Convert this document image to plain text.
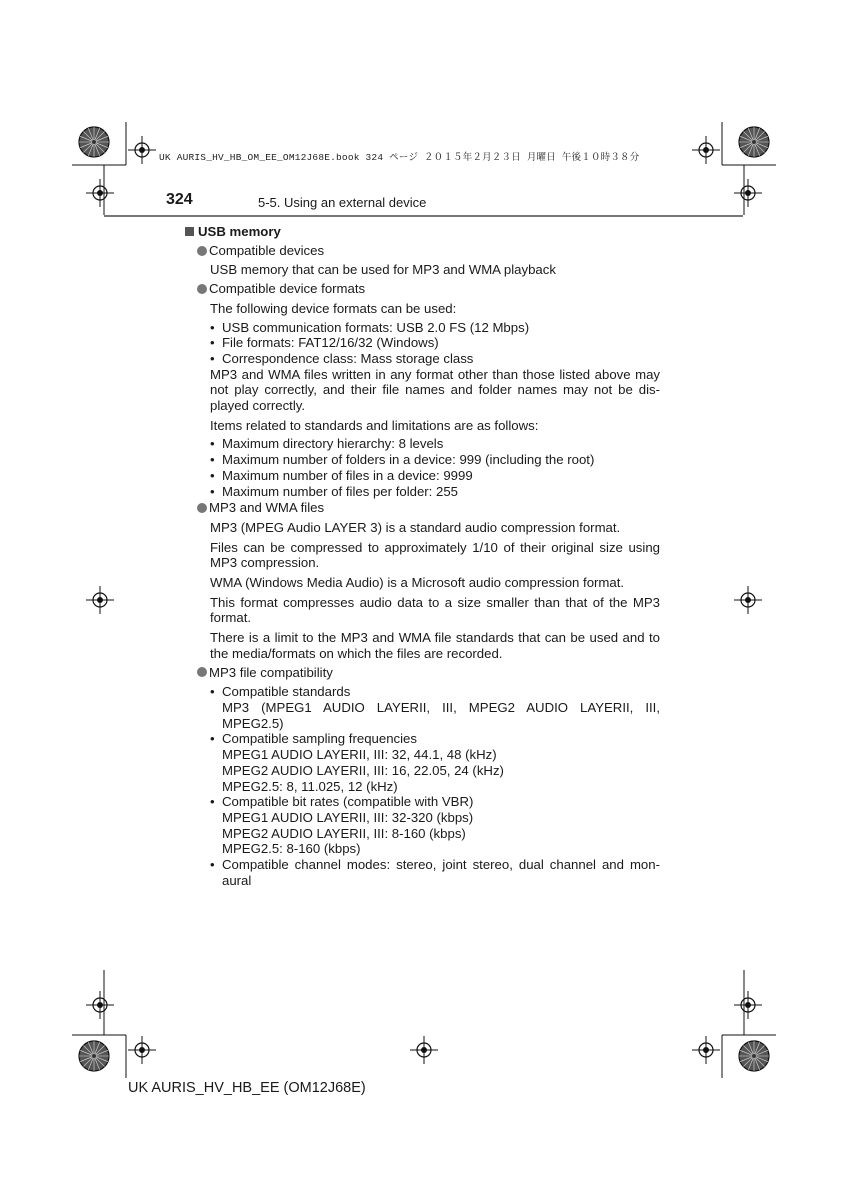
UK AURIS_HV_HB_OM_EE_OM12J68E.book 324 ページ ２０１５年２月２３日 月曜日 午後１０時３８分
324	5-5. Using an external device
USB memory
Compatible devices
USB memory that can be used for MP3 and WMA playback
Compatible device formats
The following device formats can be used:
• USB communication formats: USB 2.0 FS (12 Mbps)
• File formats: FAT12/16/32 (Windows)
• Correspondence class: Mass storage class
MP3 and WMA files written in any format other than those listed above may not play correctly, and their file names and folder names may not be dis-played correctly.
Items related to standards and limitations are as follows:
• Maximum directory hierarchy: 8 levels
• Maximum number of folders in a device: 999 (including the root)
• Maximum number of files in a device: 9999
• Maximum number of files per folder: 255
MP3 and WMA files
MP3 (MPEG Audio LAYER 3) is a standard audio compression format.
Files can be compressed to approximately 1/10 of their original size using MP3 compression.
WMA (Windows Media Audio) is a Microsoft audio compression format.
This format compresses audio data to a size smaller than that of the MP3 format.
There is a limit to the MP3 and WMA file standards that can be used and to the media/formats on which the files are recorded.
MP3 file compatibility
• Compatible standards
MP3 (MPEG1 AUDIO LAYERII, III, MPEG2 AUDIO LAYERII, III,
MPEG2.5)
• Compatible sampling frequencies
MPEG1 AUDIO LAYERII, III: 32, 44.1, 48 (kHz)
MPEG2 AUDIO LAYERII, III: 16, 22.05, 24 (kHz)
MPEG2.5: 8, 11.025, 12 (kHz)
• Compatible bit rates (compatible with VBR)
MPEG1 AUDIO LAYERII, III: 32-320 (kbps)
MPEG2 AUDIO LAYERII, III: 8-160 (kbps)
MPEG2.5: 8-160 (kbps)
• Compatible channel modes: stereo, joint stereo, dual channel and mon-aural
UK AURIS_HV_HB_EE (OM12J68E)
